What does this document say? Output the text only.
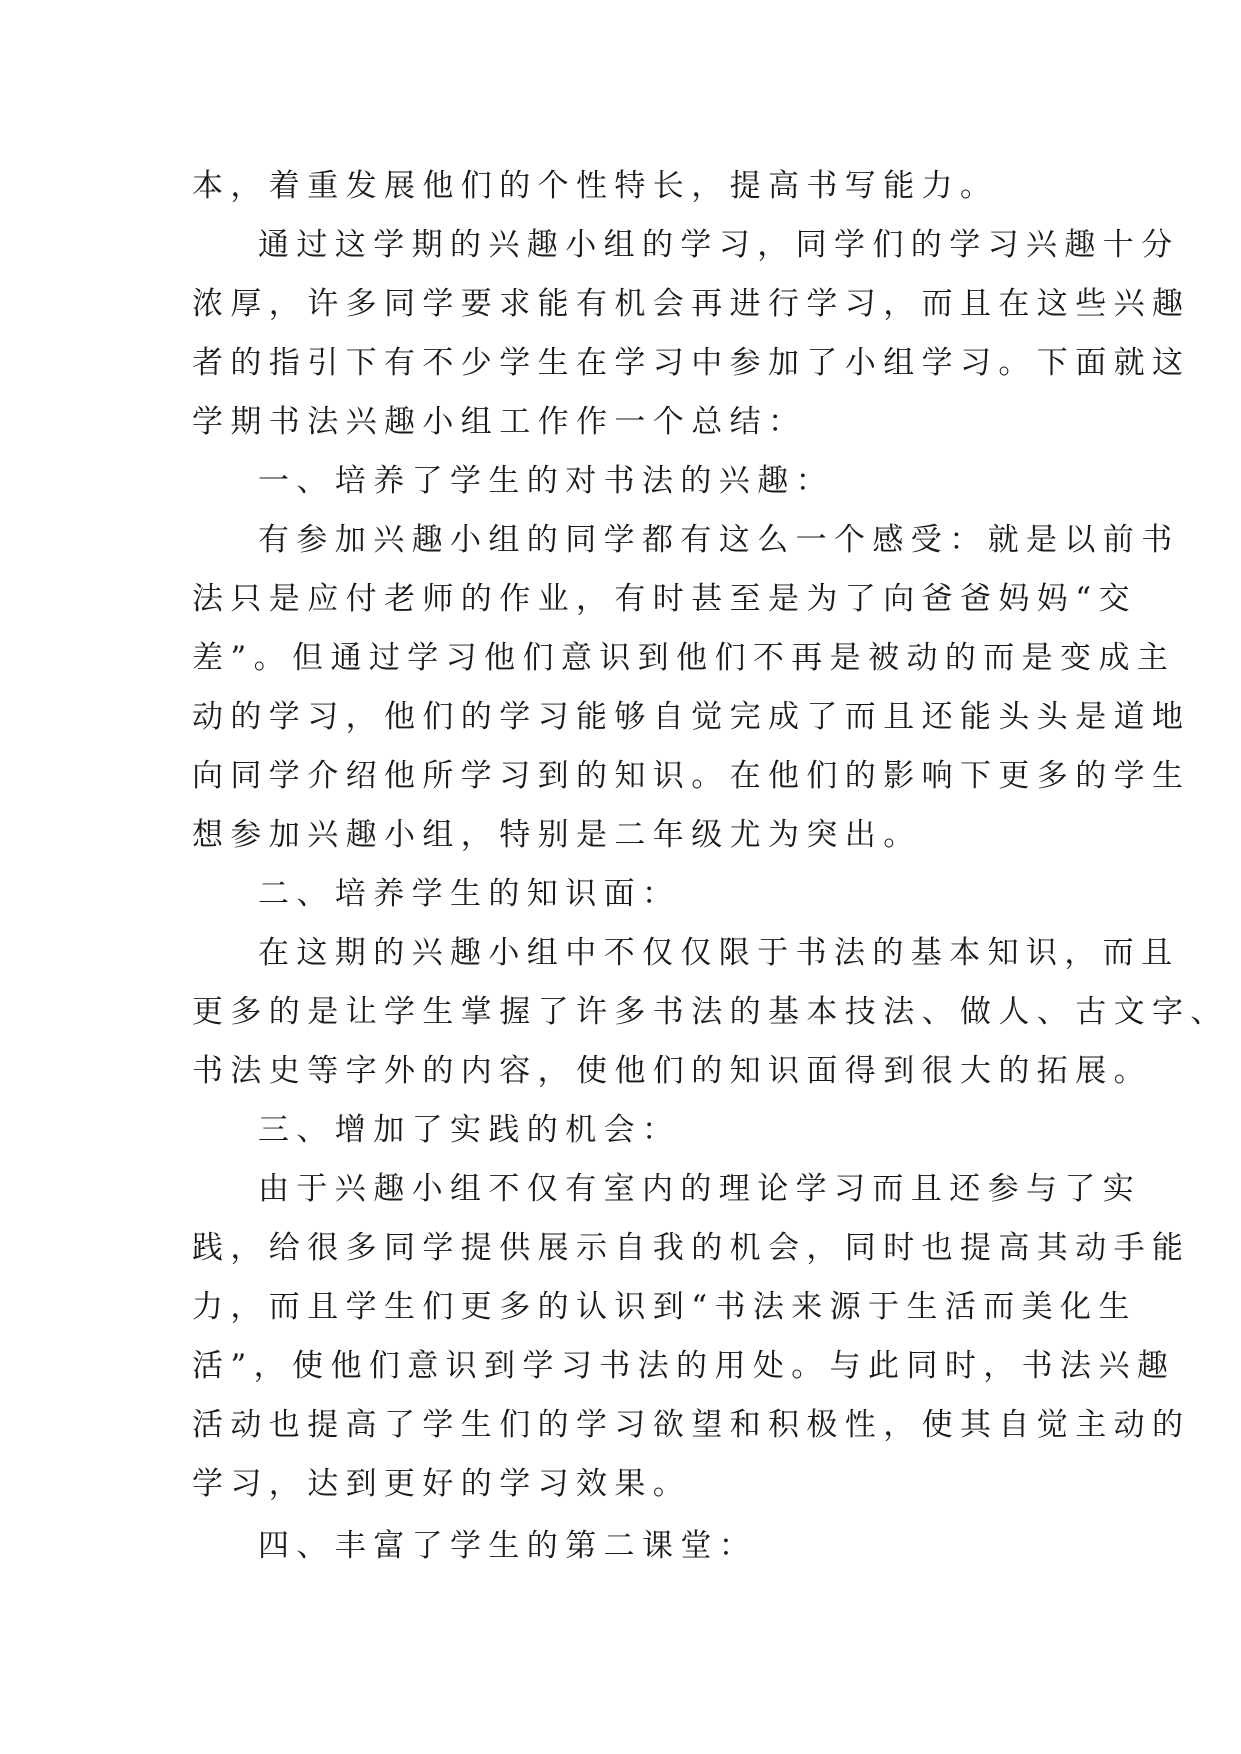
本，着重发展他们的个性特长，提高书写能力。
通过这学期的兴趣小组的学习，同学们的学习兴趣十分
浓厚，许多同学要求能有机会再进行学习，而且在这些兴趣
者的指引下有不少学生在学习中参加了小组学习。下面就这
学期书法兴趣小组工作作一个总结：
一、培养了学生的对书法的兴趣：
有参加兴趣小组的同学都有这么一个感受：就是以前书
法只是应付老师的作业，有时甚至是为了向爸爸妈妈“交
差”。但通过学习他们意识到他们不再是被动的而是变成主
动的学习，他们的学习能够自觉完成了而且还能头头是道地
向同学介绍他所学习到的知识。在他们的影响下更多的学生
想参加兴趣小组，特别是二年级尤为突出。
二、培养学生的知识面：
在这期的兴趣小组中不仅仅限于书法的基本知识，而且
更多的是让学生掌握了许多书法的基本技法、做人、古文字、
书法史等字外的内容，使他们的知识面得到很大的拓展。
三、增加了实践的机会：
由于兴趣小组不仅有室内的理论学习而且还参与了实
践，给很多同学提供展示自我的机会，同时也提高其动手能
力，而且学生们更多的认识到“书法来源于生活而美化生
活”，使他们意识到学习书法的用处。与此同时，书法兴趣
活动也提高了学生们的学习欲望和积极性，使其自觉主动的
学习，达到更好的学习效果。
四、丰富了学生的第二课堂：
